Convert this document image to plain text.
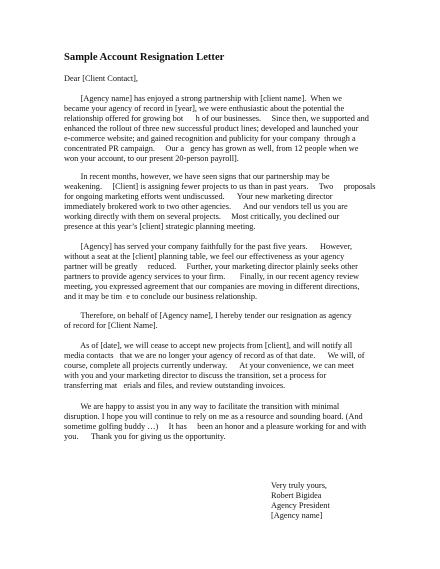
Sample Account Resignation Letter
Dear [Client Contact],
[Agency name] has enjoyed a strong partnership with [client name].  When we
became your agency of record in [year], we were enthusiastic about the potential the
relationship offered for growing bot      h of our businesses.     Since then, we supported and
enhanced the rollout of three new successful product lines; developed and launched your
e-commerce website; and gained recognition and publicity for your company  through a
concentrated PR campaign.     Our a   gency has grown as well, from 12 people when we
won your account, to our present 20-person payroll].
In recent months, however, we have seen signs that our partnership may be
weakening.     [Client] is assigning fewer projects to us than in past years.     Two     proposals
for ongoing marketing efforts went undiscussed.      Your new marketing director
immediately brokered work to two other agencies.      And our vendors tell us you are
working directly with them on several projects.     Most critically, you declined our
presence at this year’s [client] strategic planning meeting.
[Agency] has served your company faithfully for the past five years.      However,
without a seat at the [client] planning table, we feel our effectiveness as your agency
partner will be greatly     reduced.     Further, your marketing director plainly seeks other
partners to provide agency services to your firm.       Finally, in our recent agency review
meeting, you expressed agreement that our companies are moving in different directions,
and it may be tim  e to conclude our business relationship.
Therefore, on behalf of [Agency name], I hereby tender our resignation as agency
of record for [Client Name].
As of [date], we will cease to accept new projects from [client], and will notify all
media contacts   that we are no longer your agency of record as of that date.      We will, of
course, complete all projects currently underway.      At your convenience, we can meet
with you and your marketing director to discuss the transition, set a process for
transferring mat   erials and files, and review outstanding invoices.
We are happy to assist you in any way to facilitate the transition with minimal
disruption. I hope you will continue to rely on me as a resource and sounding board. (And
sometime golfing buddy …)     It has     been an honor and a pleasure working for and with
you.      Thank you for giving us the opportunity.
Very truly yours,
Robert Bigidea
Agency President
[Agency name]
